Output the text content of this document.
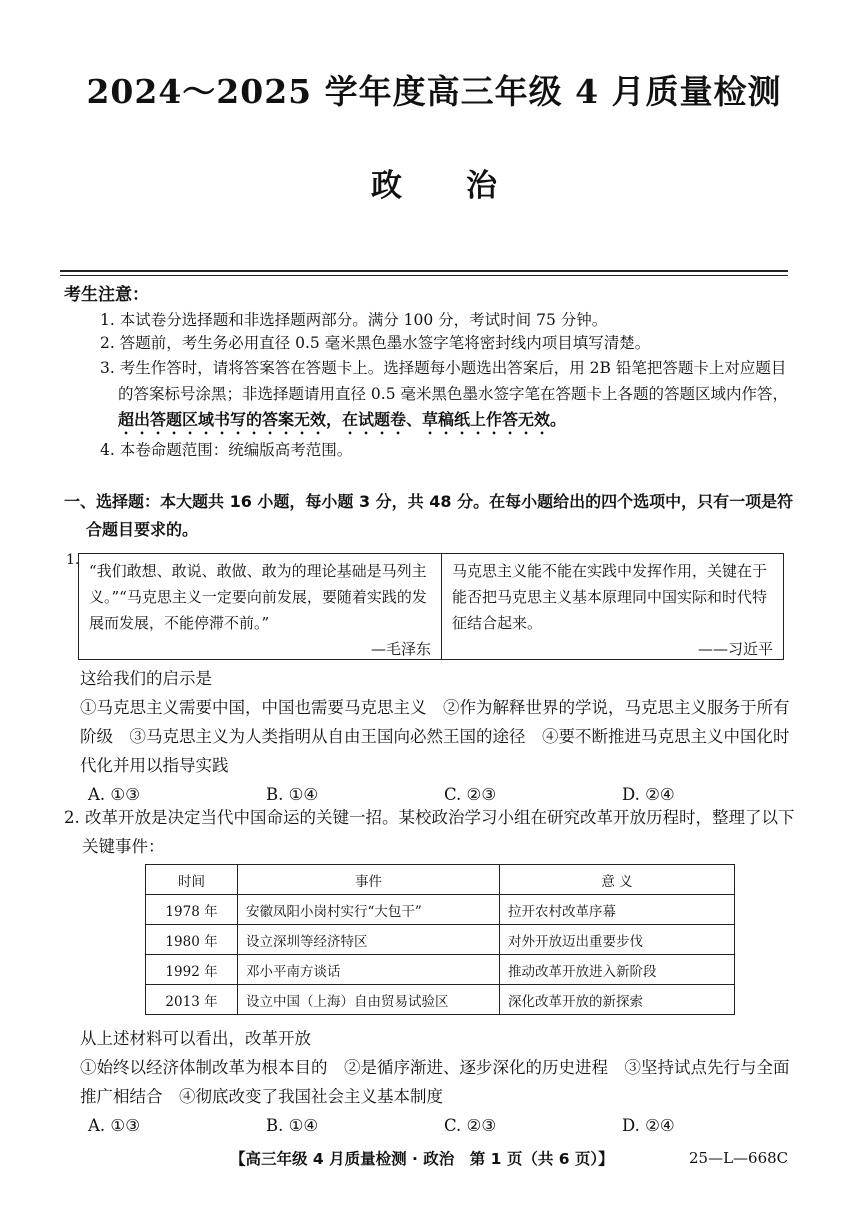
2024～2025 学年度高三年级 4 月质量检测
政治
考生注意：
1. 本试卷分选择题和非选择题两部分。满分 100 分，考试时间 75 分钟。
2. 答题前，考生务必用直径 0.5 毫米黑色墨水签字笔将密封线内项目填写清楚。
3. 考生作答时，请将答案答在答题卡上。选择题每小题选出答案后，用 2B 铅笔把答题卡上对应题目的答案标号涂黑；非选择题请用直径 0.5 毫米黑色墨水签字笔在答题卡上各题的答题区域内作答，超出答题区域书写的答案无效，在试题卷、草稿纸上作答无效。
4. 本卷命题范围：统编版高考范围。
一、选择题：本大题共 16 小题，每小题 3 分，共 48 分。在每小题给出的四个选项中，只有一项是符合题目要求的。
1.
“我们敢想、敢说、敢做、敢为的理论基础是马列主义。”“马克思主义一定要向前发展，要随着实践的发展而发展，不能停滞不前。”
—毛泽东
马克思主义能不能在实践中发挥作用，关键在于能否把马克思主义基本原理同中国实际和时代特征结合起来。
——习近平
这给我们的启示是
①马克思主义需要中国，中国也需要马克思主义　②作为解释世界的学说，马克思主义服务于所有阶级　③马克思主义为人类指明从自由王国向必然王国的途径　④要不断推进马克思主义中国化时代化并用以指导实践
A. ①③	B. ①④	C. ②③	D. ②④
2. 改革开放是决定当代中国命运的关键一招。某校政治学习小组在研究改革开放历程时，整理了以下关键事件：
时间	事件	意 义
1978 年	安徽凤阳小岗村实行“大包干”	拉开农村改革序幕
1980 年	设立深圳等经济特区	对外开放迈出重要步伐
1992 年	邓小平南方谈话	推动改革开放进入新阶段
2013 年	设立中国（上海）自由贸易试验区	深化改革开放的新探索
从上述材料可以看出，改革开放
①始终以经济体制改革为根本目的　②是循序渐进、逐步深化的历史进程　③坚持试点先行与全面推广相结合　④彻底改变了我国社会主义基本制度
A. ①③	B. ①④	C. ②③	D. ②④
【高三年级 4 月质量检测 · 政治　第 1 页（共 6 页）】	25—L—668C
